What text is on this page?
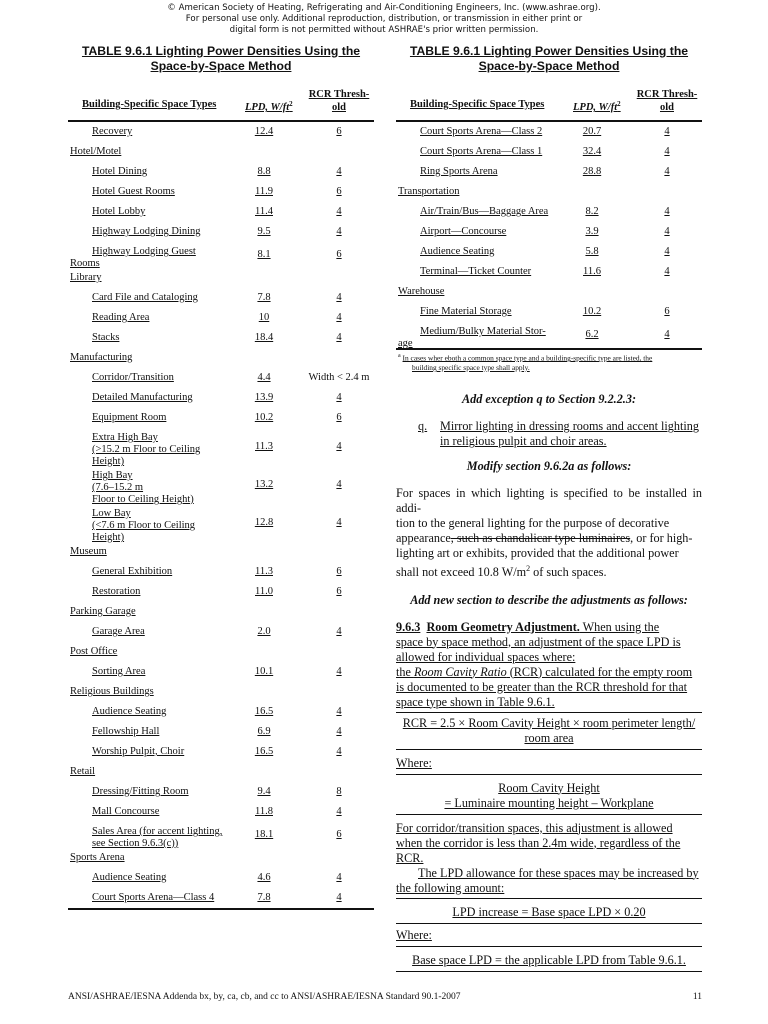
© American Society of Heating, Refrigerating and Air-Conditioning Engineers, Inc. (www.ashrae.org).
For personal use only. Additional reproduction, distribution, or transmission in either print or
digital form is not permitted without ASHRAE's prior written permission.
TABLE 9.6.1 Lighting Power Densities Using the
Space-by-Space Method
Building-Specific Space Types	LPD, $W/ft^2$
RCR Thresh-
old
Recovery	12.4	6
Hotel/Motel
Hotel Dining	8.8	4
Hotel Guest Rooms	11.9	6
Hotel Lobby	11.4	4
Highway Lodging Dining	9.5	4
Highway Lodging Guest
Rooms
8.1	6
Library
Card File and Cataloging	7.8	4
Reading Area	10	4
Stacks	18.4	4
Manufacturing
Corridor/Transition	4.4	Width < 2.4 m
Detailed Manufacturing	13.9	4
Equipment Room	10.2	6
Extra High Bay
(>15.2 m Floor to Ceiling
Height)
11.3	4
High Bay
(7.6–15.2 m
Floor to Ceiling Height)
13.2	4
Low Bay
(<7.6 m Floor to Ceiling
Height)
12.8	4
Museum
General Exhibition	11.3	6
Restoration	11.0	6
Parking Garage
Garage Area	2.0	4
Post Office
Sorting Area	10.1	4
Religious Buildings
Audience Seating	16.5	4
Fellowship Hall	6.9	4
Worship Pulpit, Choir	16.5	4
Retail
Dressing/Fitting Room	9.4	8
Mall Concourse	11.8	4
Sales Area (for accent lighting,
see Section 9.6.3(c))
18.1	6
Sports Arena
Audience Seating	4.6	4
Court Sports Arena—Class 4	7.8	4
TABLE 9.6.1 Lighting Power Densities Using the
Space-by-Space Method
Building-Specific Space Types	LPD, $W/ft^2$
RCR Thresh-
old
Court Sports Arena—Class 2	20.7	4
Court Sports Arena—Class 1	32.4	4
Ring Sports Arena	28.8	4
Transportation
Air/Train/Bus—Baggage Area	8.2	4
Airport—Concourse	3.9	4
Audience Seating	5.8	4
Terminal—Ticket Counter	11.6	4
Warehouse
Fine Material Storage	10.2	6
Medium/Bulky Material Stor-
age
6.2	4
$^a$ In cases wher eboth a common space type and a building-specific type are listed, the
building specific space type shall apply.
Add exception q to Section 9.2.2.3:
q. Mirror lighting in dressing rooms and accent lighting
in religious pulpit and choir areas.
Modify section 9.6.2a as follows:
For spaces in which lighting is specified to be installed in addi-
tion to the general lighting for the purpose of decorative
appearance, such as chandalicar type luminaires, or for high-
lighting art or exhibits, provided that the additional power
shall not exceed 10.8 $W/m^2$ of such spaces.
Add new section to describe the adjustments as follows:
9.6.3 Room Geometry Adjustment. When using the
space by space method, an adjustment of the space LPD is
allowed for individual spaces where:
the Room Cavity Ratio (RCR) calculated for the empty room
is documented to be greater than the RCR threshold for that
space type shown in Table 9.6.1.
RCR = 2.5 × Room Cavity Height × room perimeter length/
room area
Where:
Room Cavity Height
= Luminaire mounting height – Workplane
For corridor/transition spaces, this adjustment is allowed
when the corridor is less than 2.4m wide, regardless of the
RCR.
The LPD allowance for these spaces may be increased by
the following amount:
LPD increase = Base space LPD × 0.20
Where:
Base space LPD = the applicable LPD from Table 9.6.1.
ANSI/ASHRAE/IESNA Addenda bx, by, ca, cb, and cc to ANSI/ASHRAE/IESNA Standard 90.1-2007	11
